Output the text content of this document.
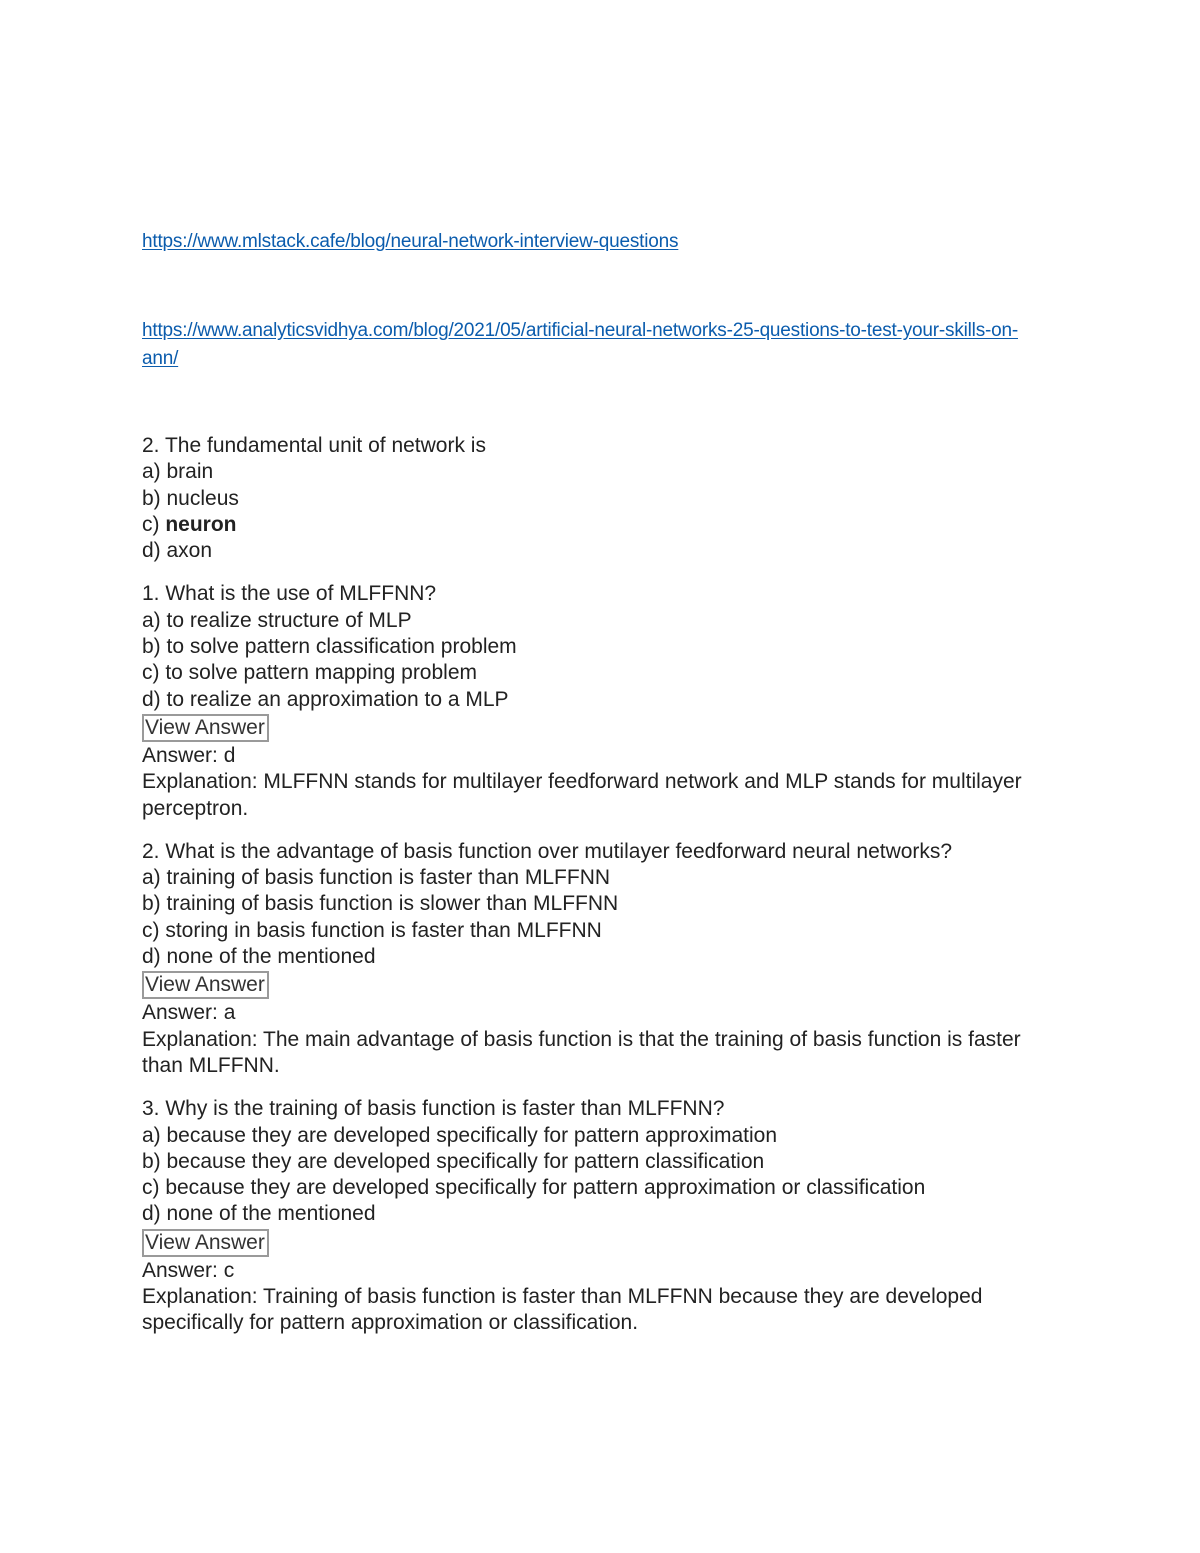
https://www.mlstack.cafe/blog/neural-network-interview-questions
https://www.analyticsvidhya.com/blog/2021/05/artificial-neural-networks-25-questions-to-test-your-skills-on-ann/
2. The fundamental unit of network is
a) brain
b) nucleus
c) neuron
d) axon
1. What is the use of MLFFNN?
a) to realize structure of MLP
b) to solve pattern classification problem
c) to solve pattern mapping problem
d) to realize an approximation to a MLP
View Answer
Answer: d
Explanation: MLFFNN stands for multilayer feedforward network and MLP stands for multilayer perceptron.
2. What is the advantage of basis function over mutilayer feedforward neural networks?
a) training of basis function is faster than MLFFNN
b) training of basis function is slower than MLFFNN
c) storing in basis function is faster than MLFFNN
d) none of the mentioned
View Answer
Answer: a
Explanation: The main advantage of basis function is that the training of basis function is faster than MLFFNN.
3. Why is the training of basis function is faster than MLFFNN?
a) because they are developed specifically for pattern approximation
b) because they are developed specifically for pattern classification
c) because they are developed specifically for pattern approximation or classification
d) none of the mentioned
View Answer
Answer: c
Explanation: Training of basis function is faster than MLFFNN because they are developed specifically for pattern approximation or classification.
